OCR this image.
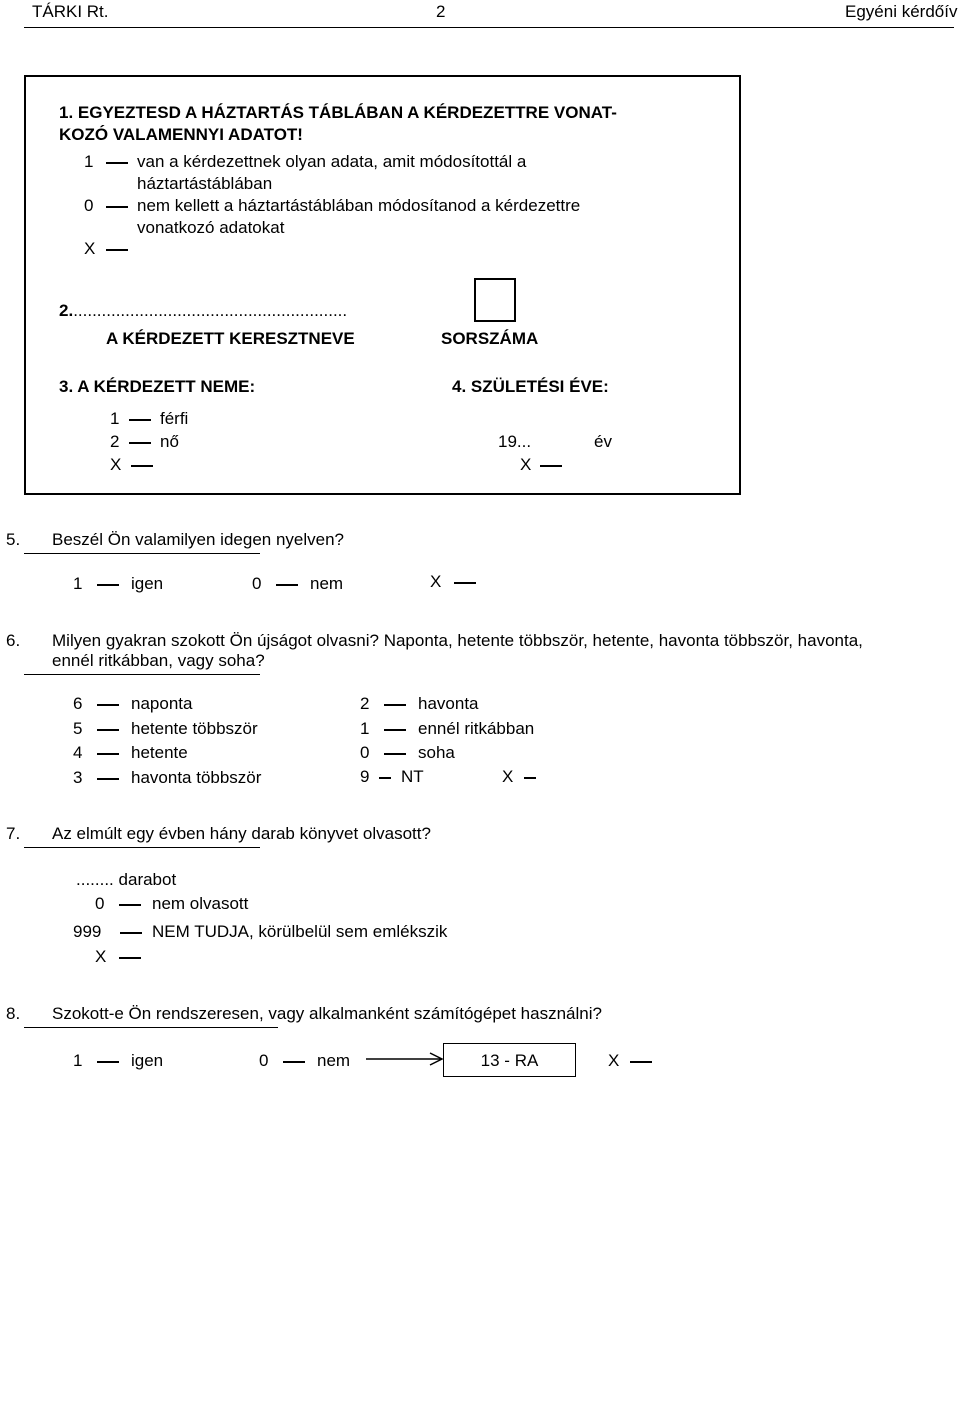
TÁRKI Rt.	2	Egyéni kérdőív
1. EGYEZTESD A HÁZTARTÁS TÁBLÁBAN A KÉRDEZETTRE VONAT-
KOZÓ VALAMENNYI ADATOT!
1	van a kérdezettnek olyan adata, amit módosítottál a
háztartástáblában
0	nem kellett a háztartástáblában módosítanod a kérdezettre
vonatkozó adatokat
X
2...........................................................
A KÉRDEZETT KERESZTNEVE	SORSZÁMA
3. A KÉRDEZETT NEME:
1 férfi
2 nő
X
4. SZÜLETÉSI ÉVE:
19...	év
X
5. Beszél Ön valamilyen idegen nyelven?
1	igen	0	nem	X
6. Milyen gyakran szokott Ön újságot olvasni? Naponta, hetente többször, hetente, havonta többször, havonta,
ennél ritkábban, vagy soha?
6	naponta
5	hetente többször
4	hetente
3	havonta többször
2	havonta
1	ennél ritkábban
0	soha
9 NT	X
7. Az elmúlt egy évben hány darab könyvet olvasott?
........ darabot
0	nem olvasott
999	NEM TUDJA, körülbelül sem emlékszik
X
8. Szokott-e Ön rendszeresen, vagy alkalmanként számítógépet használni?
1	igen	0	nem	13 - RA	X
